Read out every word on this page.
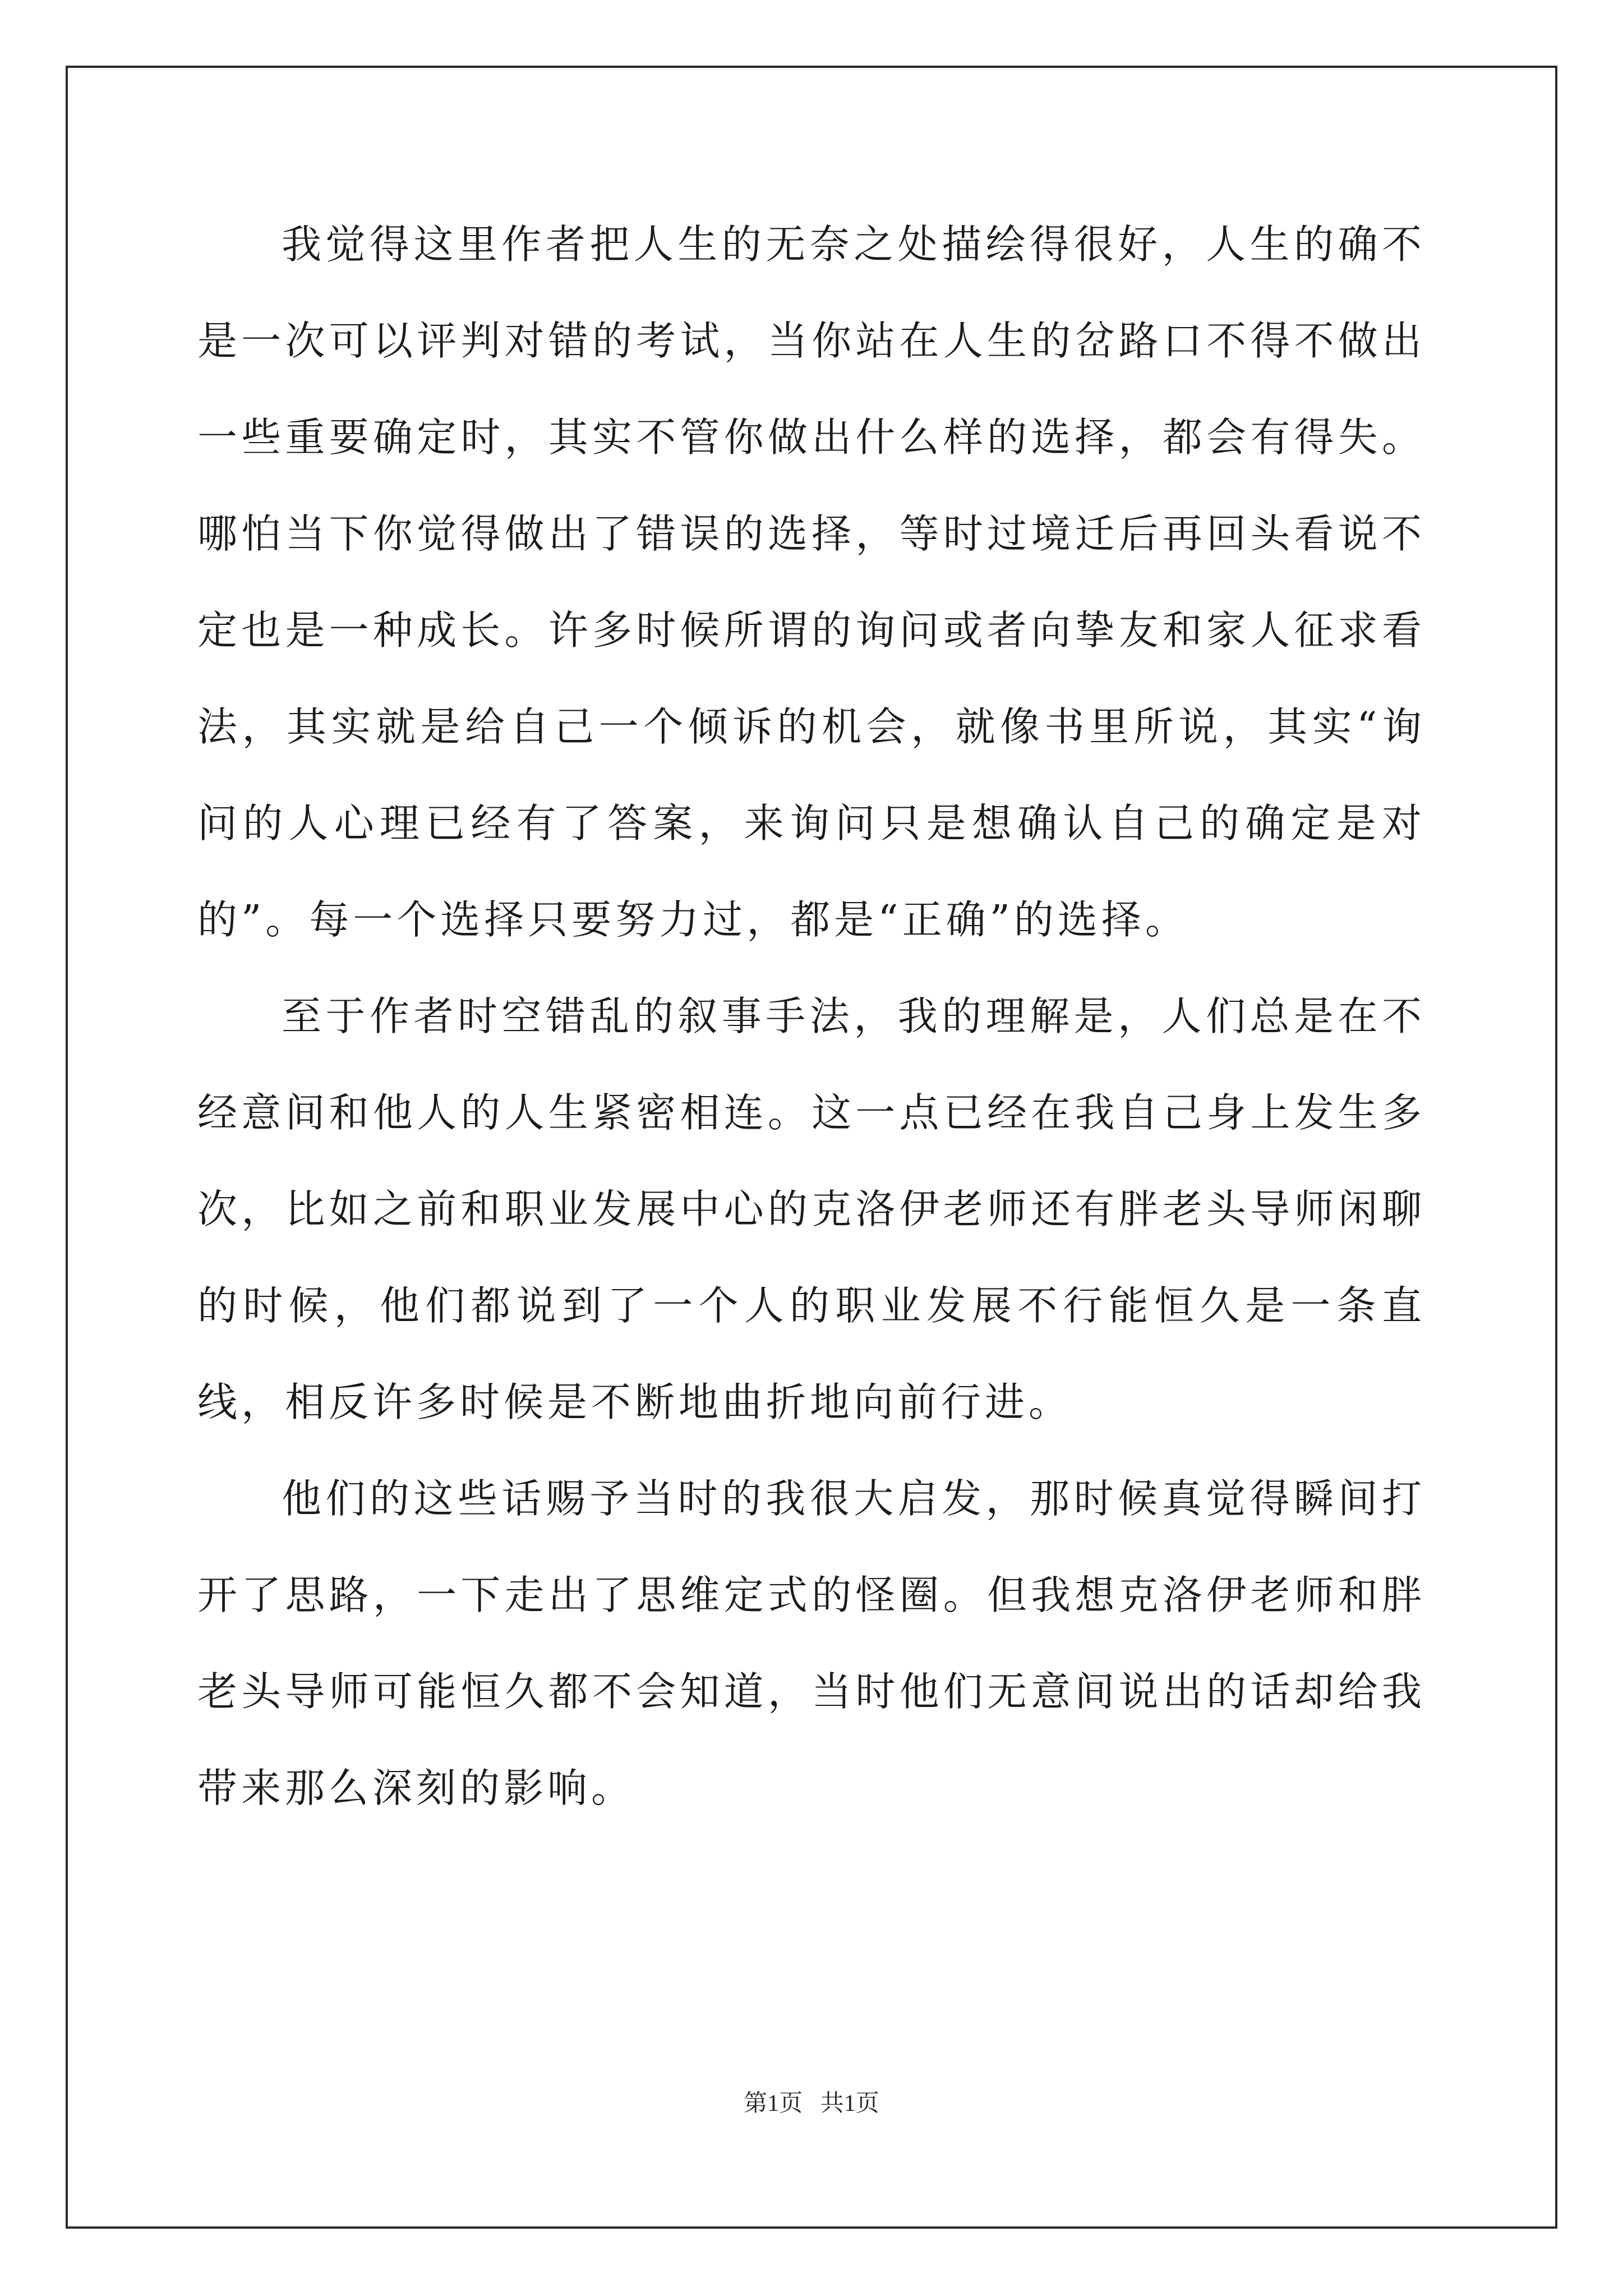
我觉得这里作者把人生的无奈之处描绘得很好，人生的确不是一次可以评判对错的考试，当你站在人生的岔路口不得不做出一些重要确定时，其实不管你做出什么样的选择，都会有得失。哪怕当下你觉得做出了错误的选择，等时过境迁后再回头看说不定也是一种成长。许多时候所谓的询问或者向挚友和家人征求看法，其实就是给自己一个倾诉的机会，就像书里所说，其实“询问的人心理已经有了答案，来询问只是想确认自己的确定是对的”。每一个选择只要努力过，都是“正确”的选择。

至于作者时空错乱的叙事手法，我的理解是，人们总是在不经意间和他人的人生紧密相连。这一点已经在我自己身上发生多次，比如之前和职业发展中心的克洛伊老师还有胖老头导师闲聊的时候，他们都说到了一个人的职业发展不行能恒久是一条直线，相反许多时候是不断地曲折地向前行进。

他们的这些话赐予当时的我很大启发，那时候真觉得瞬间打开了思路，一下走出了思维定式的怪圈。但我想克洛伊老师和胖老头导师可能恒久都不会知道，当时他们无意间说出的话却给我带来那么深刻的影响。

第1页   共1页
